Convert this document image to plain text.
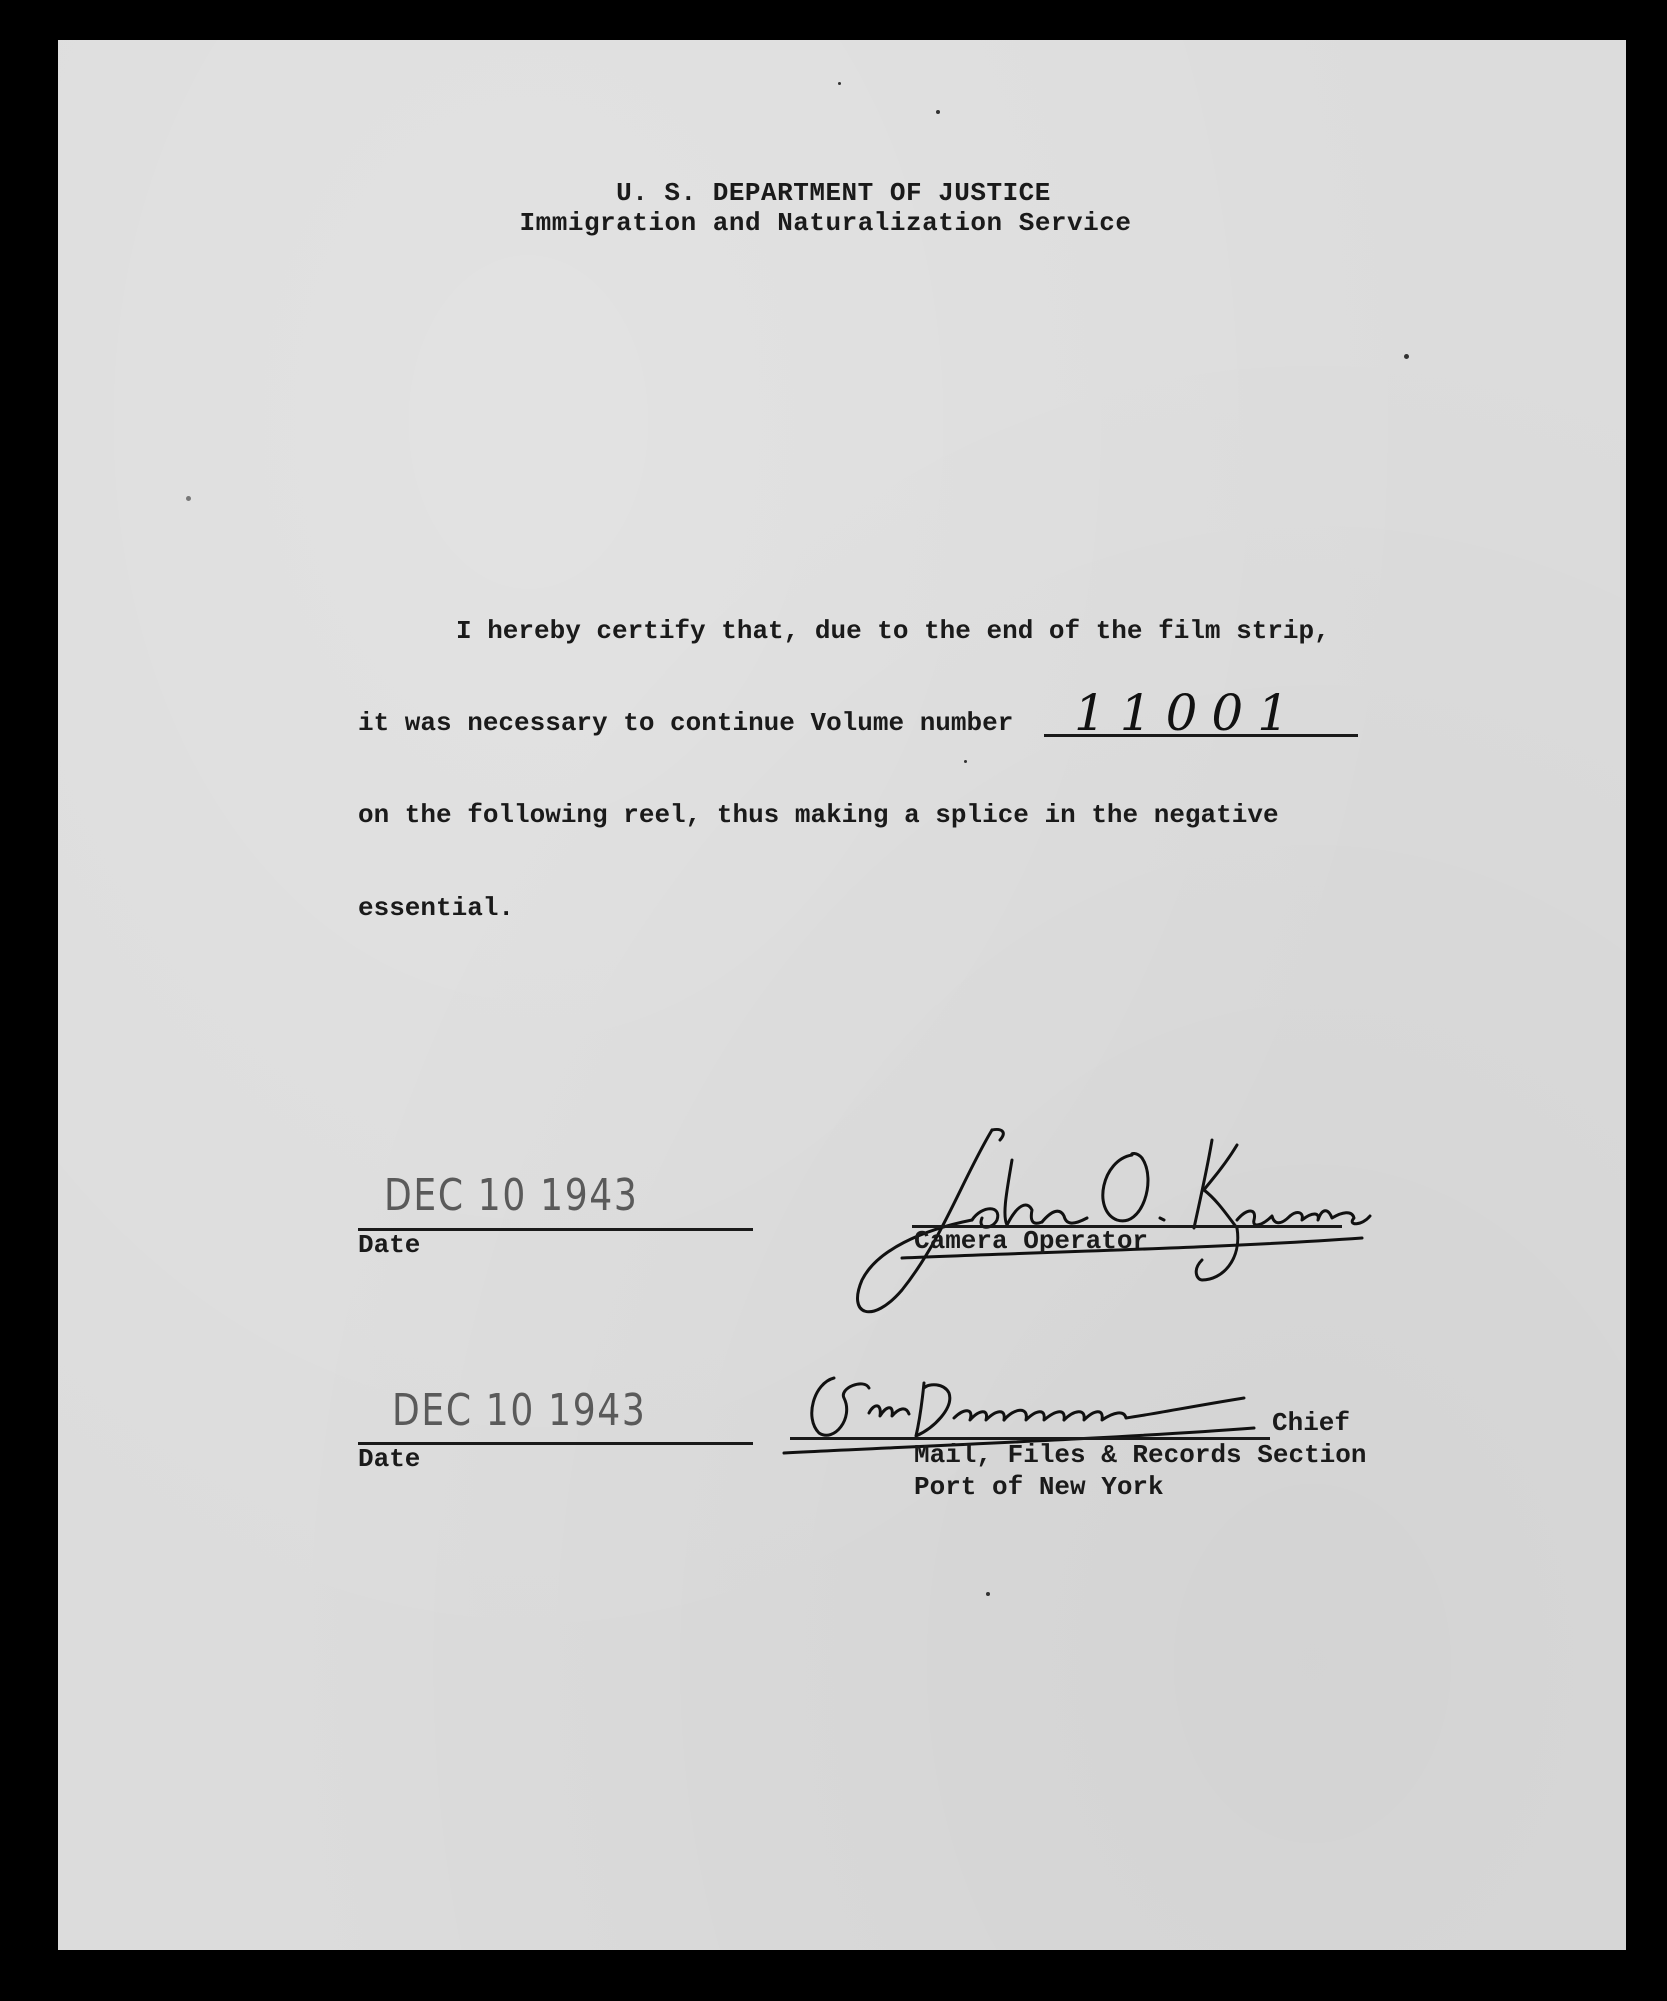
U. S. DEPARTMENT OF JUSTICE
Immigration and Naturalization Service
I hereby certify that, due to the end of the film strip,
it was necessary to continue Volume number 11001
on the following reel, thus making a splice in the negative
essential.
DEC 10 1943
Date	Camera Operator
DEC 10 1943
Date
Chief
Mail, Files & Records Section
Port of New York
